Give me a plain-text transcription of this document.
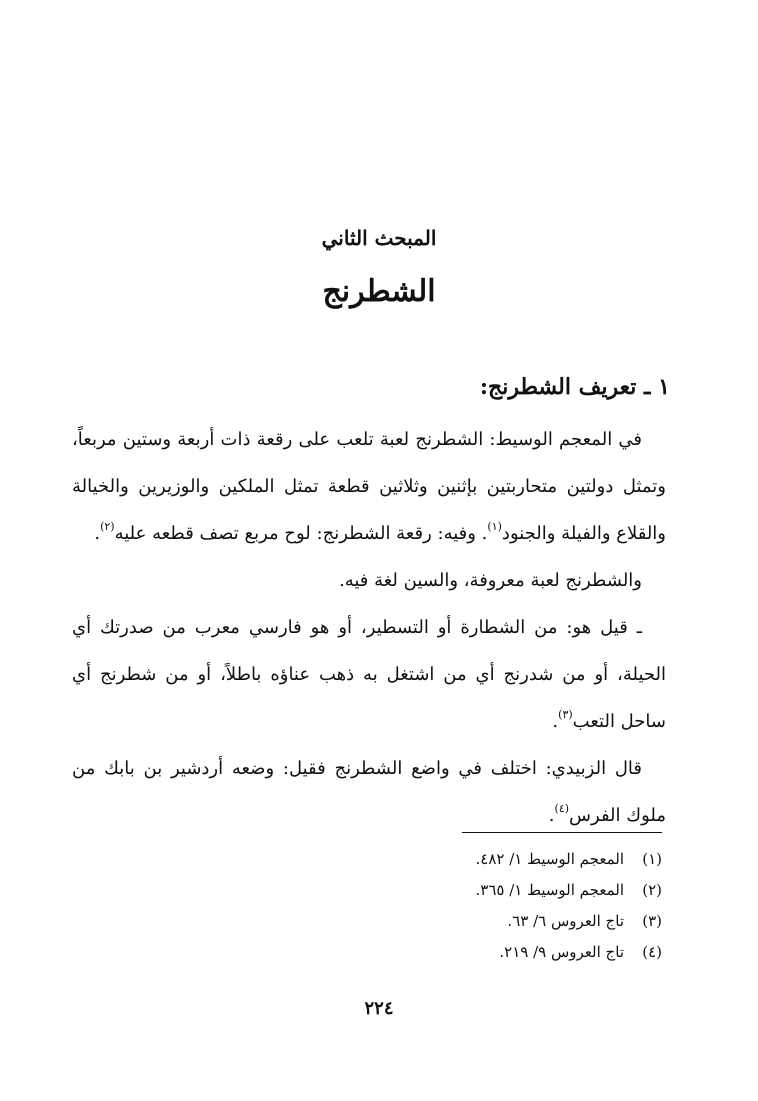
المبحث الثاني
الشطرنج
١ ـ تعريف الشطرنج:

في المعجم الوسيط: الشطرنج لعبة تلعب على رقعة ذات أربعة وستين مربعاً، وتمثل دولتين متحاربتين بإثنين وثلاثين قطعة تمثل الملكين والوزيرين والخيالة والقلاع والفيلة والجنود$^{(١)}$. وفيه: رقعة الشطرنج: لوح مربع تصف قطعه عليه$^{(٢)}$.

والشطرنج لعبة معروفة، والسين لغة فيه.

ـ قيل هو: من الشطارة أو التسطير، أو هو فارسي معرب من صدرتك أي الحيلة، أو من شدرنج أي من اشتغل به ذهب عناؤه باطلاً، أو من شطرنج أي ساحل التعب$^{(٣)}$.

قال الزبيدي: اختلف في واضع الشطرنج فقيل: وضعه أردشير بن بابك من ملوك الفرس$^{(٤)}$.

(١)
المعجم الوسيط ١/ ٤٨٢.
(٢)
المعجم الوسيط ١/ ٣٦٥.
(٣)
تاج العروس ٦/ ٦٣.
(٤)
تاج العروس ٩/ ٢١٩.
٢٢٤
